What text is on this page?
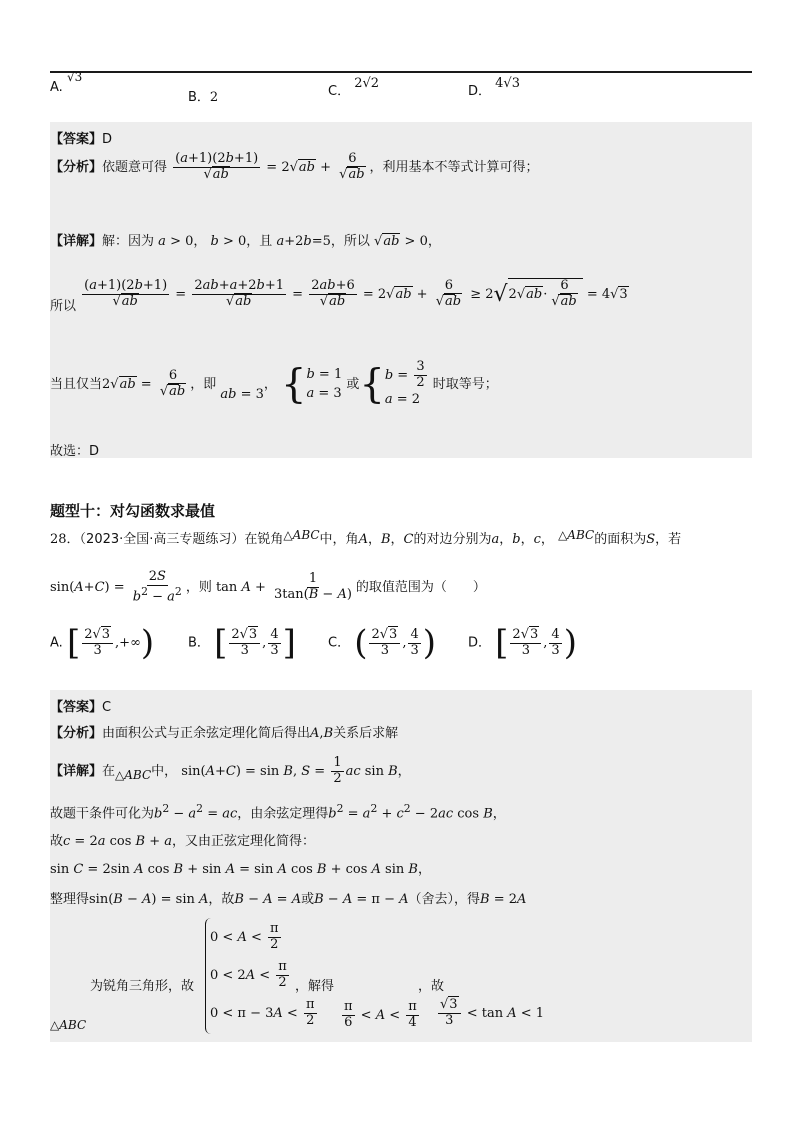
A. √3
B．2	C． 2√2
D． 4√3
【答案】D
【分析】依题意可得 $\frac{(a+1)(2b+1)}{√ab} = 2√ab + \frac{6}{√ab}$ ，利用基本不等式计算可得；
【详解】解：因为 a > 0， b > 0，且 a+2b=5，所以 √ab > 0，
所以 $\frac{(a+1)(2b+1)}{√ab} = \frac{2ab+a+2b+1}{√ab} = \frac{2ab+6}{√ab} = 2√ab + \frac{6}{√ab} \ge 2√2√$ ab · $\frac{6}{√ab} = 4√3$
当且仅当$2√ab = \frac{6}{√ab}$ ，即 ab = 3， { b = 1
a = 3
或{ $b = \frac{3}{2}$
a = 2
时取等号；
故选：D
题型十：对勾函数求最值
28．（2023·全国·高三专题练习）在锐角△ABC中，角A，B，C的对边分别为a，b，c， △ABC的面积为S，若
$\sin(A+C) = \frac{2S}{b^2 - a^2}$ ，则 $\tan A + \frac{1}{3\tan(B - A)}$ 的取值范围为（　　）
A. [ $\frac{2√3}{3}$ ,+∞)	B． [ $\frac{2√3}{3}$ , $\frac{4}{3}$ ] C． ( $\frac{2√3}{3}$ , $\frac{4}{3}$ ) D． [ $\frac{2√3}{3}$ , $\frac{4}{3}$ )
【答案】C
【分析】由面积公式与正余弦定理化简后得出A,B关系后求解
【详解】在△ABC中， sin(A+C) = sin B, $S = \frac{1}{2}$ ac sin B，
故题干条件可化为$b^2 - a^2$ = ac，由余弦定理得$b^2 = a^2 + c^2 - 2ac$ cos B，
故c = 2a cos B + a，又由正弦定理化简得：
sin C = 2sin A cos B + sin A = sin A cos B + cos A sin B，
整理得sin(B − A) = sin A，故B − A = A或B − A = π − A（舍去），得B = 2A
$0 < A < \frac{\pi}{2}$
$0 < 2A < \frac{\pi}{2}$
$0 < \pi - 3A < \frac{\pi}{2}$
为锐角三角形，故	，解得	，故
$\frac{\pi}{6} < A < \frac{\pi}{4} \frac{√3}{3} < \tan A < 1$
△ABC
